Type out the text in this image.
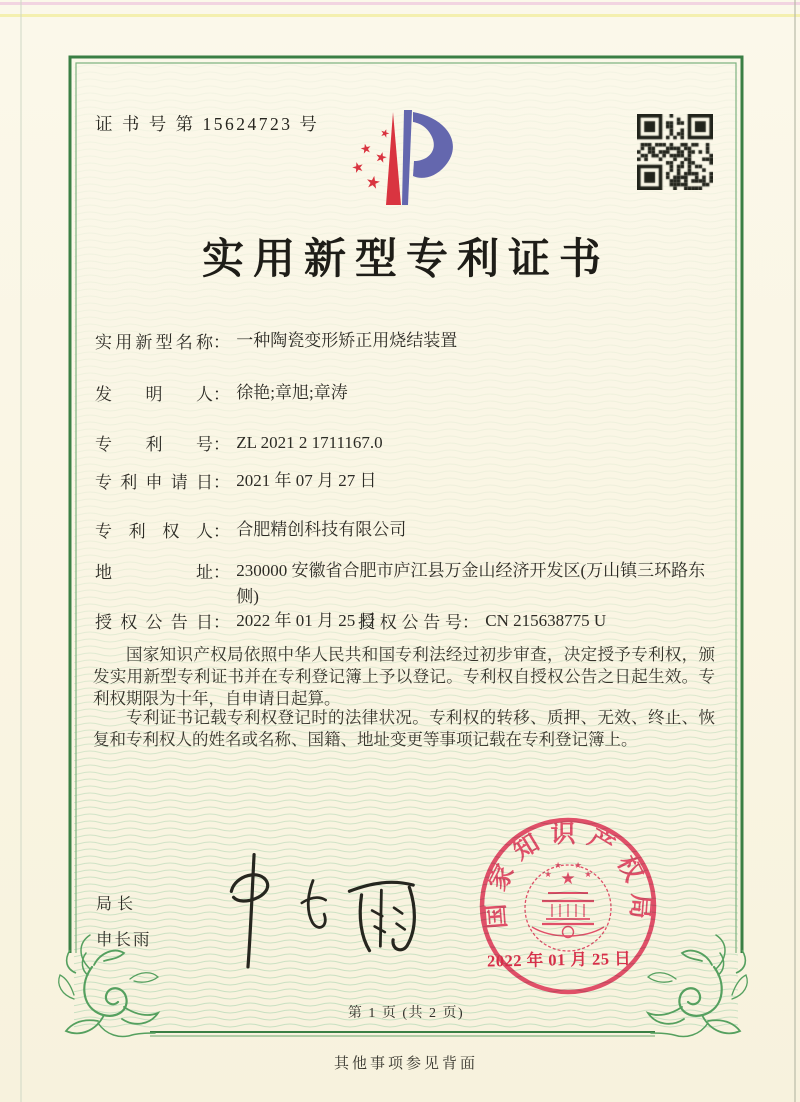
证 书 号 第 15624723 号	★
★
★
★
★
实用新型专利证书
实用新型名称： 一种陶瓷变形矫正用烧结装置
发明人： 徐艳;章旭;章涛
专利号： ZL 2021 2 1711167.0
专利申请日： 2021 年 07 月 27 日
专利权人： 合肥精创科技有限公司
地址： 230000 安徽省合肥市庐江县万金山经济开发区(万山镇三环路东侧)
授权公告日： 2022 年 01 月 25 日
授权公告号： CN 215638775 U

国家知识产权局依照中华人民共和国专利法经过初步审查，决定授予专利权，颁发实用新型专利证书并在专利登记簿上予以登记。专利权自授权公告之日起生效。专利权期限为十年，自申请日起算。

专利证书记载专利权登记时的法律状况。专利权的转移、质押、无效、终止、恢复和专利权人的姓名或名称、国籍、地址变更等事项记载在专利登记簿上。

局长
申长雨
国家知识产权局
★
★
★ ★
★
2022 年 01 月 25 日
第 1 页 (共 2 页)
其他事项参见背面
